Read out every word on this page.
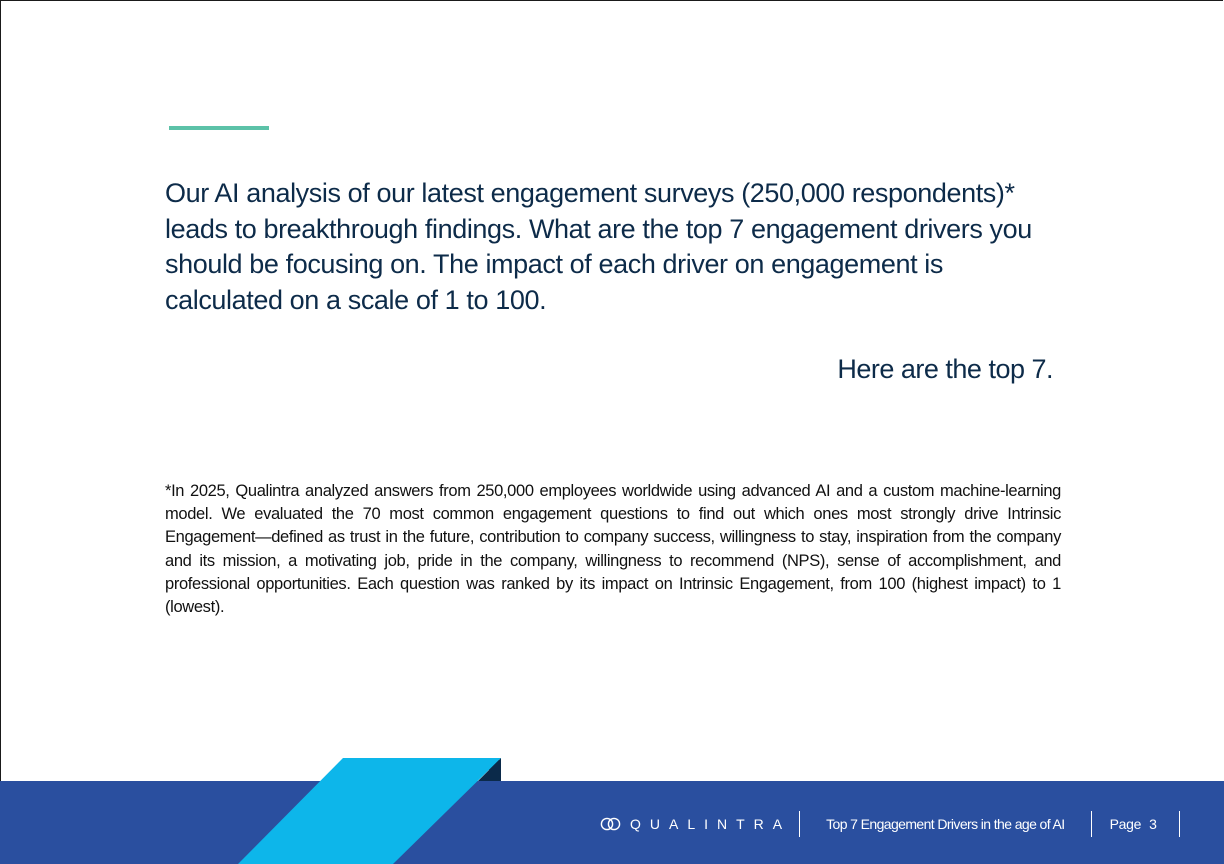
Our AI analysis of our latest engagement surveys (250,000 respondents)* leads to breakthrough findings. What are the top 7 engagement drivers you should be focusing on. The impact of each driver on engagement is calculated on a scale of 1 to 100.

Here are the top 7.

*In 2025, Qualintra analyzed answers from 250,000 employees worldwide using advanced AI and a custom machine-learning model. We evaluated the 70 most common engagement questions to find out which ones most strongly drive Intrinsic Engagement—defined as trust in the future, contribution to company success, willingness to stay, inspiration from the company and its mission, a motivating job, pride in the company, willingness to recommend (NPS), sense of accomplishment, and professional opportunities. Each question was ranked by its impact on Intrinsic Engagement, from 100 (highest impact) to 1 (lowest).

QUALINTRA	Top 7 Engagement Drivers in the age of AI	Page 3
